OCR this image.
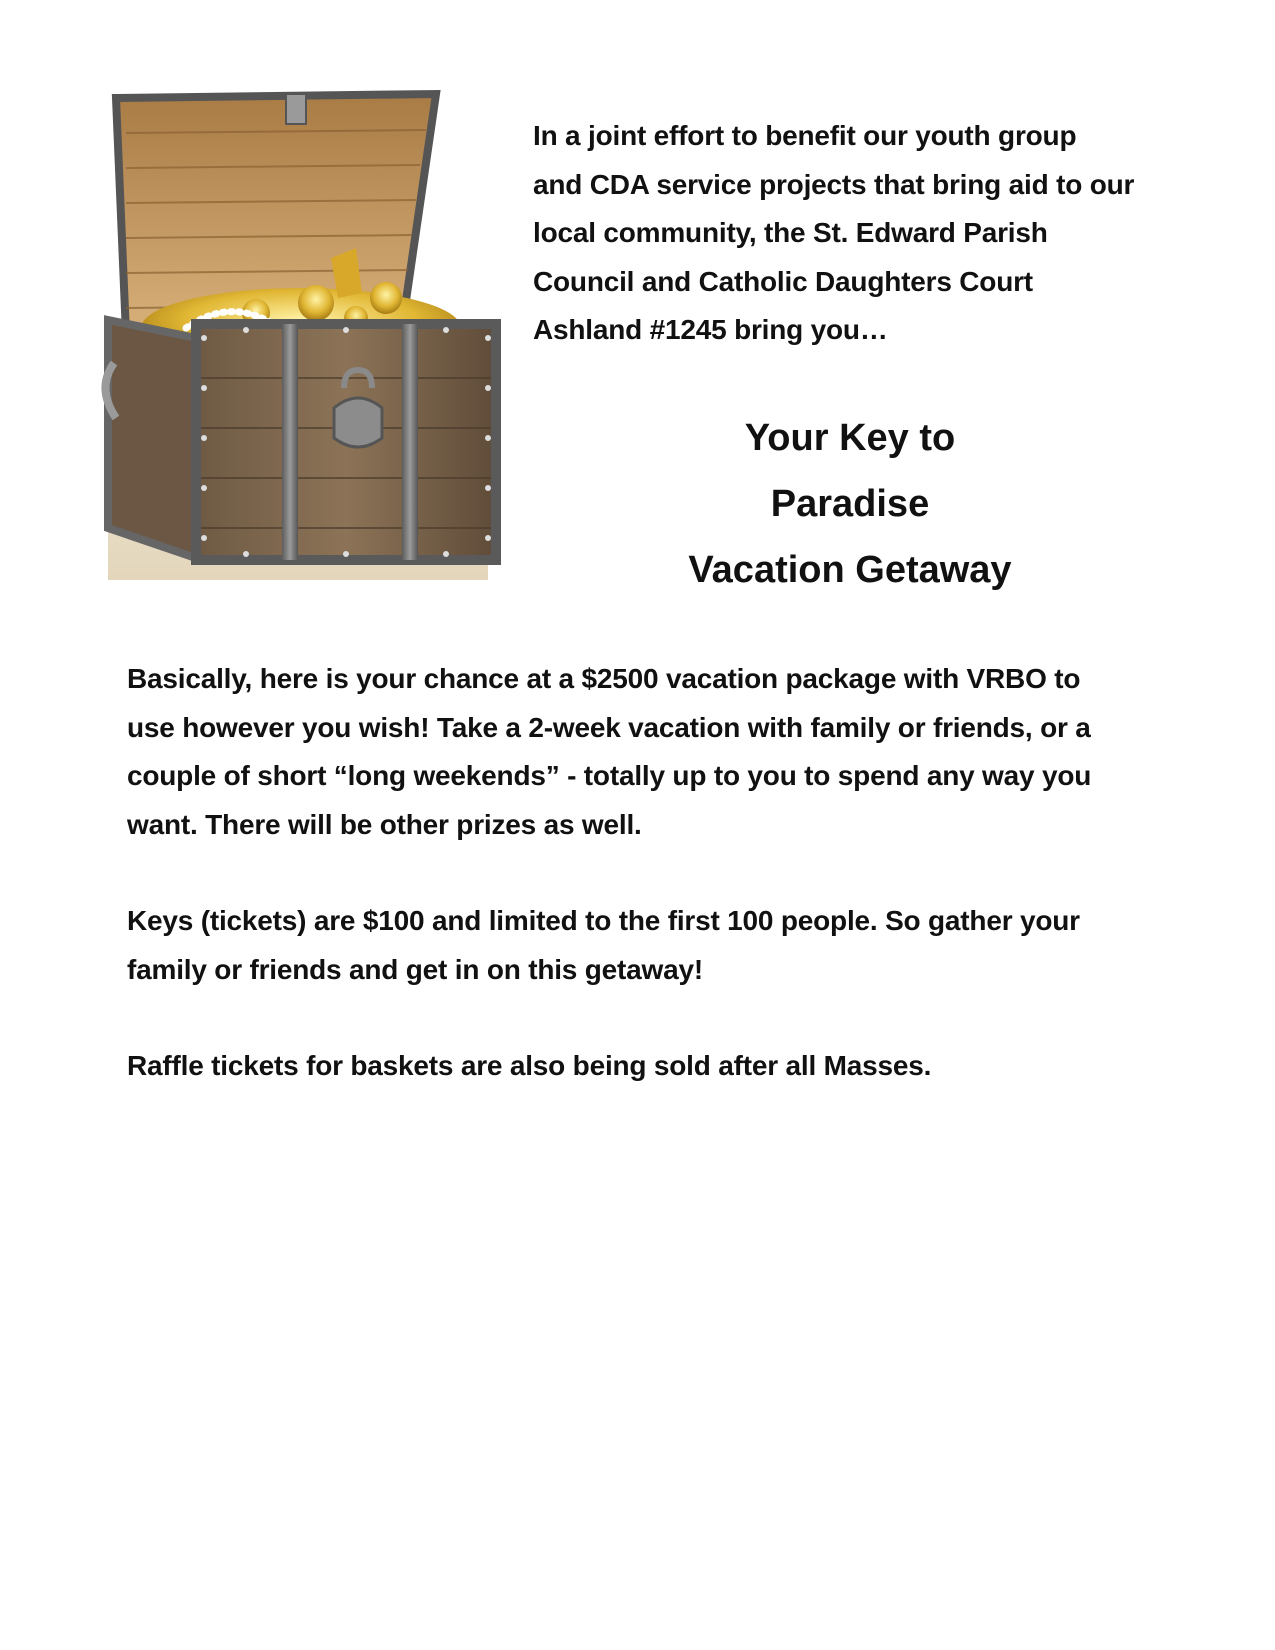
In a joint effort to benefit our youth group
and CDA service projects that bring aid to our
local community, the St. Edward Parish
Council and Catholic Daughters Court
Ashland #1245 bring you…
Your Key to
Paradise
Vacation Getaway
Basically, here is your chance at a $2500 vacation package with VRBO to
use however you wish! Take a 2-week vacation with family or friends, or a
couple of short “long weekends” - totally up to you to spend any way you
want. There will be other prizes as well.
Keys (tickets) are $100 and limited to the first 100 people. So gather your
family or friends and get in on this getaway!
Raffle tickets for baskets are also being sold after all Masses.
